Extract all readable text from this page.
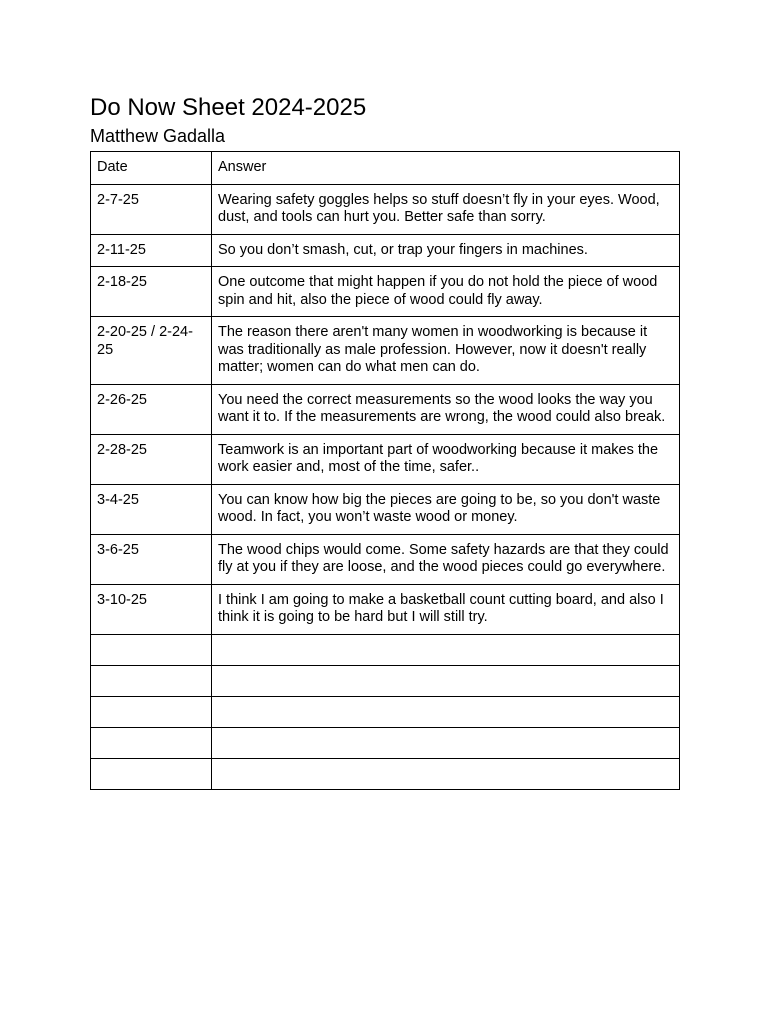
Do Now Sheet 2024-2025
Matthew Gadalla
Date	Answer
2-7-25	Wearing safety goggles helps so stuff doesn’t fly in your eyes. Wood, dust, and tools can hurt you. Better safe than sorry.
2-11-25	So you don’t smash, cut, or trap your fingers in machines.
2-18-25	One outcome that might happen if you do not hold the piece of wood spin and hit, also the piece of wood could fly away.
2-20-25 / 2-24-25	The reason there aren't many women in woodworking is because it was traditionally as male profession. However, now it doesn't really matter; women can do what men can do.
2-26-25	You need the correct measurements so the wood looks the way you want it to. If the measurements are wrong, the wood could also break.
2-28-25	Teamwork is an important part of woodworking because it makes the work easier and, most of the time, safer..
3-4-25	You can know how big the pieces are going to be, so you don't waste wood. In fact, you won’t waste wood or money.
3-6-25	The wood chips would come. Some safety hazards are that they could fly at you if they are loose, and the wood pieces could go everywhere.
3-10-25	I think I am going to make a basketball count cutting board, and also I think it is going to be hard but I will still try.
